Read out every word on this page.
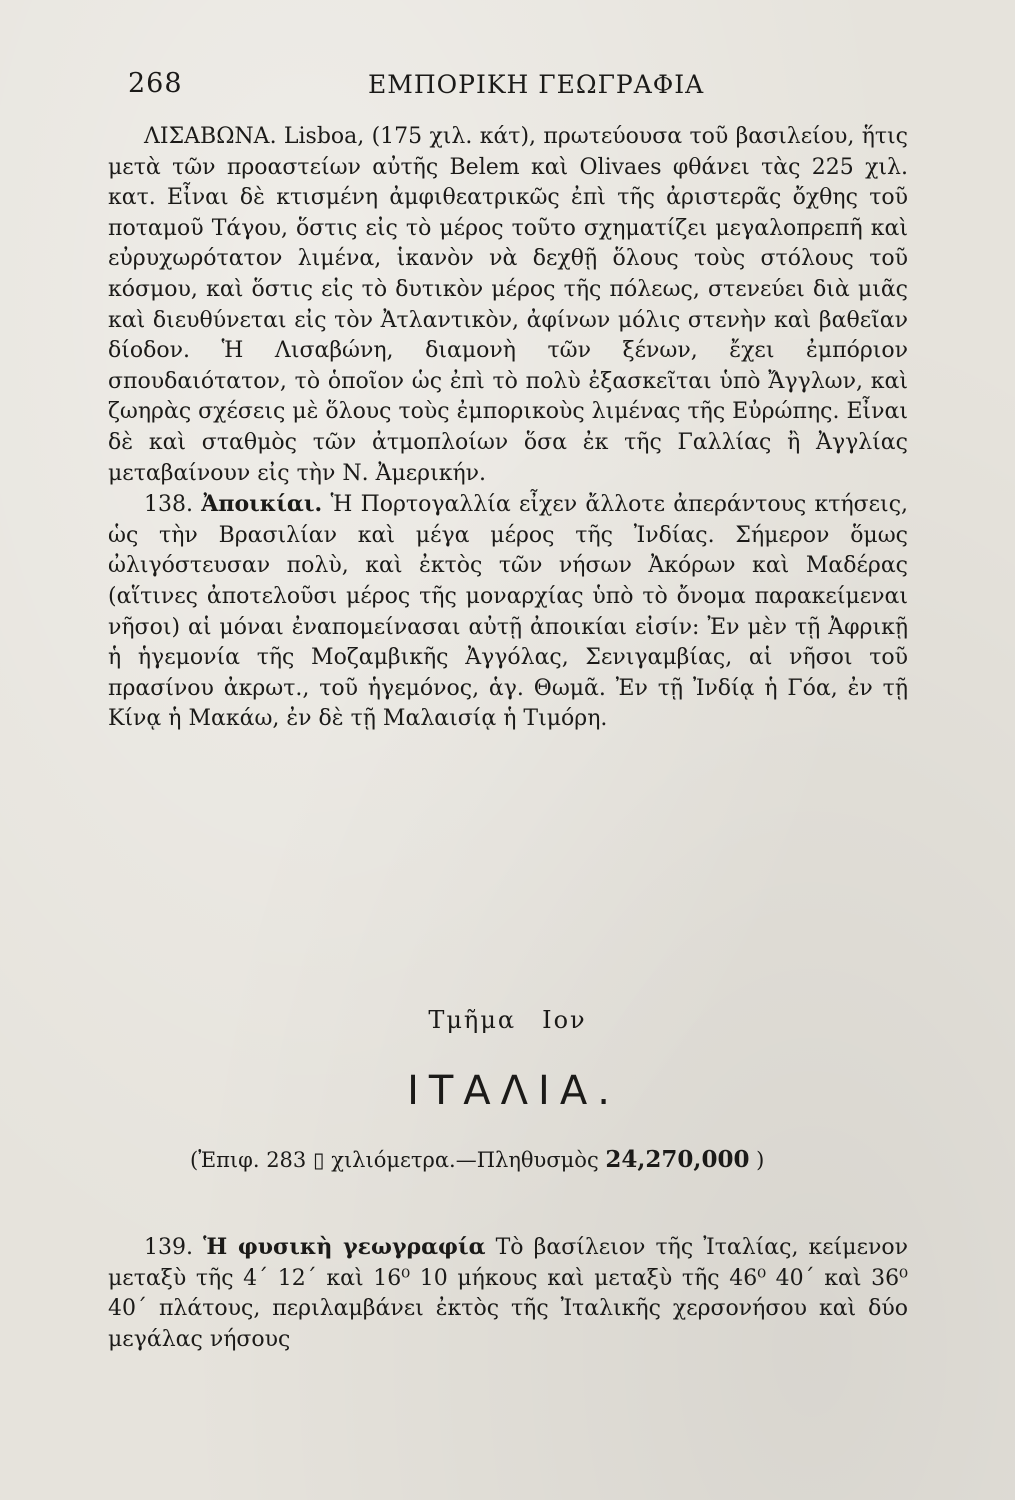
268	ΕΜΠΟΡΙΚΗ ΓΕΩΓΡΑΦΙΑ

ΛΙΣΑΒΩΝΑ. Lisboa, (175 χιλ. κάτ), πρωτεύουσα τοῦ βασιλείου, ἥτις μετὰ τῶν προαστείων αὐτῆς Belem καὶ Olivaes φθάνει τὰς 225 χιλ. κατ. Εἶναι δὲ κτισμένη ἀμφιθεατρικῶς ἐπὶ τῆς ἀριστερᾶς ὄχθης τοῦ ποταμοῦ Τάγου, ὅστις εἰς τὸ μέρος τοῦτο σχηματίζει μεγαλοπρεπῆ καὶ εὐρυχωρότατον λιμένα, ἱκανὸν νὰ δεχθῇ ὅλους τοὺς στόλους τοῦ κόσμου, καὶ ὅστις εἰς τὸ δυτικὸν μέρος τῆς πόλεως, στενεύει διὰ μιᾶς καὶ διευθύνεται εἰς τὸν Ἀτλαντικὸν, ἀφίνων μόλις στενὴν καὶ βαθεῖαν δίοδον. Ἡ Λισαβώνη, διαμονὴ τῶν ξένων, ἔχει ἐμπόριον σπουδαιότατον, τὸ ὁποῖον ὡς ἐπὶ τὸ πολὺ ἐξασκεῖται ὑπὸ Ἄγγλων, καὶ ζωηρὰς σχέσεις μὲ ὅλους τοὺς ἐμπορικοὺς λιμένας τῆς Εὐρώπης. Εἶναι δὲ καὶ σταθμὸς τῶν ἀτμοπλοίων ὅσα ἐκ τῆς Γαλλίας ἢ Ἀγγλίας μεταβαίνουν εἰς τὴν Ν. Ἀμερικήν.

138. Ἀποικίαι. Ἡ Πορτογαλλία εἶχεν ἄλλοτε ἀπεράντους κτήσεις, ὡς τὴν Βρασιλίαν καὶ μέγα μέρος τῆς Ἰνδίας. Σήμερον ὅμως ὠλιγόστευσαν πολὺ, καὶ ἐκτὸς τῶν νήσων Ἀκόρων καὶ Μαδέρας (αἵτινες ἀποτελοῦσι μέρος τῆς μοναρχίας ὑπὸ τὸ ὄνομα παρακείμεναι νῆσοι) αἱ μόναι ἐναπομείνασαι αὐτῇ ἀποικίαι εἰσίν: Ἐν μὲν τῇ Ἀφρικῇ ἡ ἡγεμονία τῆς Μοζαμβικῆς Ἀγγόλας, Σενιγαμβίας, αἱ νῆσοι τοῦ πρασίνου ἀκρωτ., τοῦ ἡγεμόνος, ἁγ. Θωμᾶ. Ἐν τῇ Ἰνδίᾳ ἡ Γόα, ἐν τῇ Κίνᾳ ἡ Μακάω, ἐν δὲ τῇ Μαλαισίᾳ ἡ Τιμόρη.

Τμῆμα Ιον
ΙΤΑΛΙΑ.
(Ἐπιφ. 283 ▯ χιλιόμετρα.—Πληθυσμὸς 24,270,000 )

139. Ἡ φυσικὴ γεωγραφία Τὸ βασίλειον τῆς Ἰταλίας, κείμενον μεταξὺ τῆς 4΄ 12΄ καὶ 16⁰ 10 μήκους καὶ μεταξὺ τῆς 46⁰ 40΄ καὶ 36⁰ 40΄ πλάτους, περιλαμβάνει ἐκτὸς τῆς Ἰταλικῆς χερσονήσου καὶ δύο μεγάλας νήσους
